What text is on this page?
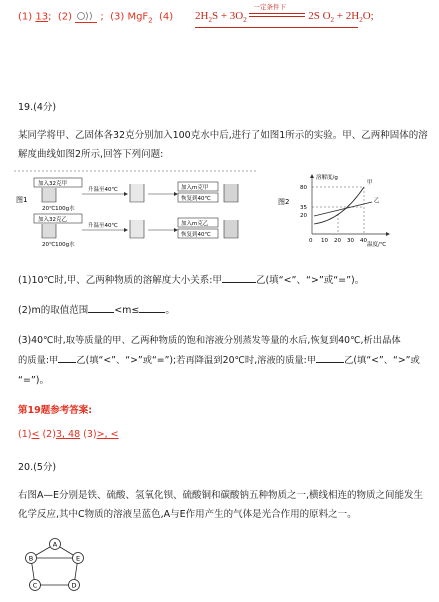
(1) 13; (2)	; (3) MgF$_2$ (4) $2H_2S + 3O_2$
一定条件下
2S $O_2 + 2H_2O$;
19.(4分)
某同学将甲、乙固体各32克分别加入100克水中后,进行了如图1所示的实验。甲、乙两种固体的溶解度曲线如图2所示,回答下列问题:
图1
加入32克甲
升温至40℃	加入m克甲
恢复到40℃
20℃100g水
加入32克乙
升温至40℃	加入m克乙
恢复到40℃
20℃100g水
图2
溶解度/g
温度/℃
80
35
20
0 10 20 30 40
甲
乙
(1)10℃时,甲、乙两种物质的溶解度大小关系:甲	乙(填“<”、“>”或“=”)。
(2)m的取值范围	<m≤	。
(3)40℃时,取等质量的甲、乙两种物质的饱和溶液分别蒸发等量的水后,恢复到40℃,析出晶体
的质量:甲 乙(填“<”、“>”或“=”);若再降温到20℃时,溶液的质量:甲	乙(填“<”、“>”或
“=”)。
第19题参考答案:
(1)< (2)3, 48 (3)>, <
20.(5分)
右图A—E分别是铁、硫酸、氢氧化钡、硫酸铜和碳酸钠五种物质之一,横线相连的物质之间能发生化学反应,其中C物质的溶液呈蓝色,A与E作用产生的气体是光合作用的原料之一。
A
B	E
C	D
